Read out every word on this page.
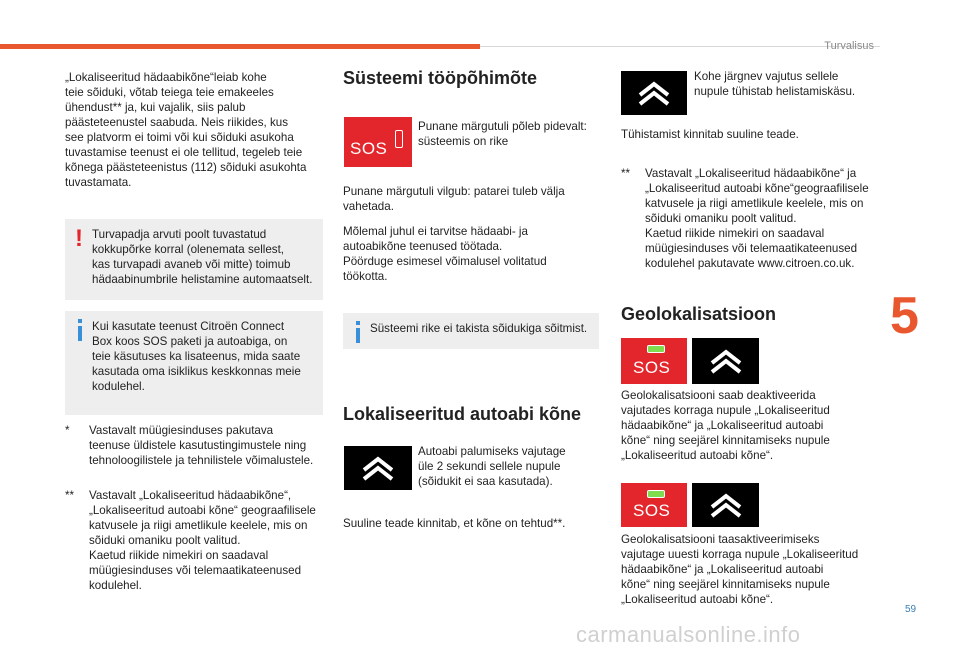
Turvalisus
5
59
carmanualsonline.info
„Lokaliseeritud hädaabikõne“leiab kohe
teie sõiduki, võtab teiega teie emakeeles
ühendust** ja, kui vajalik, siis palub
päästeteenustel saabuda. Neis riikides, kus
see platvorm ei toimi või kui sõiduki asukoha
tuvastamise teenust ei ole tellitud, tegeleb teie
kõnega päästeteenistus (112) sõiduki asukohta
tuvastamata.
! Turvapadja arvuti poolt tuvastatud
kokkupõrke korral (olenemata sellest,
kas turvapadi avaneb või mitte) toimub
hädaabinumbrile helistamine automaatselt.
Kui kasutate teenust Citroën Connect
Box koos SOS paketi ja autoabiga, on
teie käsutuses ka lisateenus, mida saate
kasutada oma isiklikus keskkonnas meie
kodulehel.
* Vastavalt müügiesinduses pakutava
teenuse üldistele kasutustingimustele ning
tehnoloogilistele ja tehnilistele võimalustele.
** Vastavalt „Lokaliseeritud hädaabikõne“,
„Lokaliseeritud autoabi kõne“ geograafilisele
katvusele ja riigi ametlikule keelele, mis on
sõiduki omaniku poolt valitud.
Kaetud riikide nimekiri on saadaval
müügiesinduses või telemaatikateenused
kodulehel.
Süsteemi tööpõhimõte
SOS
Punane märgutuli põleb pidevalt:
süsteemis on rike
Punane märgutuli vilgub: patarei tuleb välja
vahetada.
Mõlemal juhul ei tarvitse hädaabi- ja
autoabikõne teenused töötada.
Pöörduge esimesel võimalusel volitatud
töökotta.
Süsteemi rike ei takista sõidukiga sõitmist.
Lokaliseeritud autoabi kõne
Autoabi palumiseks vajutage
üle 2 sekundi sellele nupule
(sõidukit ei saa kasutada).
Suuline teade kinnitab, et kõne on tehtud**.
Kohe järgnev vajutus sellele
nupule tühistab helistamiskäsu.
Tühistamist kinnitab suuline teade.
** Vastavalt „Lokaliseeritud hädaabikõne“ ja
„Lokaliseeritud autoabi kõne“geograafilisele
katvusele ja riigi ametlikule keelele, mis on
sõiduki omaniku poolt valitud.
Kaetud riikide nimekiri on saadaval
müügiesinduses või telemaatikateenused
kodulehel pakutavate www.citroen.co.uk.
Geolokalisatsioon
SOS
Geolokalisatsiooni saab deaktiveerida
vajutades korraga nupule „Lokaliseeritud
hädaabikõne“ ja „Lokaliseeritud autoabi
kõne“ ning seejärel kinnitamiseks nupule
„Lokaliseeritud autoabi kõne“.
SOS
Geolokalisatsiooni taasaktiveerimiseks
vajutage uuesti korraga nupule „Lokaliseeritud
hädaabikõne“ ja „Lokaliseeritud autoabi
kõne“ ning seejärel kinnitamiseks nupule
„Lokaliseeritud autoabi kõne“.
